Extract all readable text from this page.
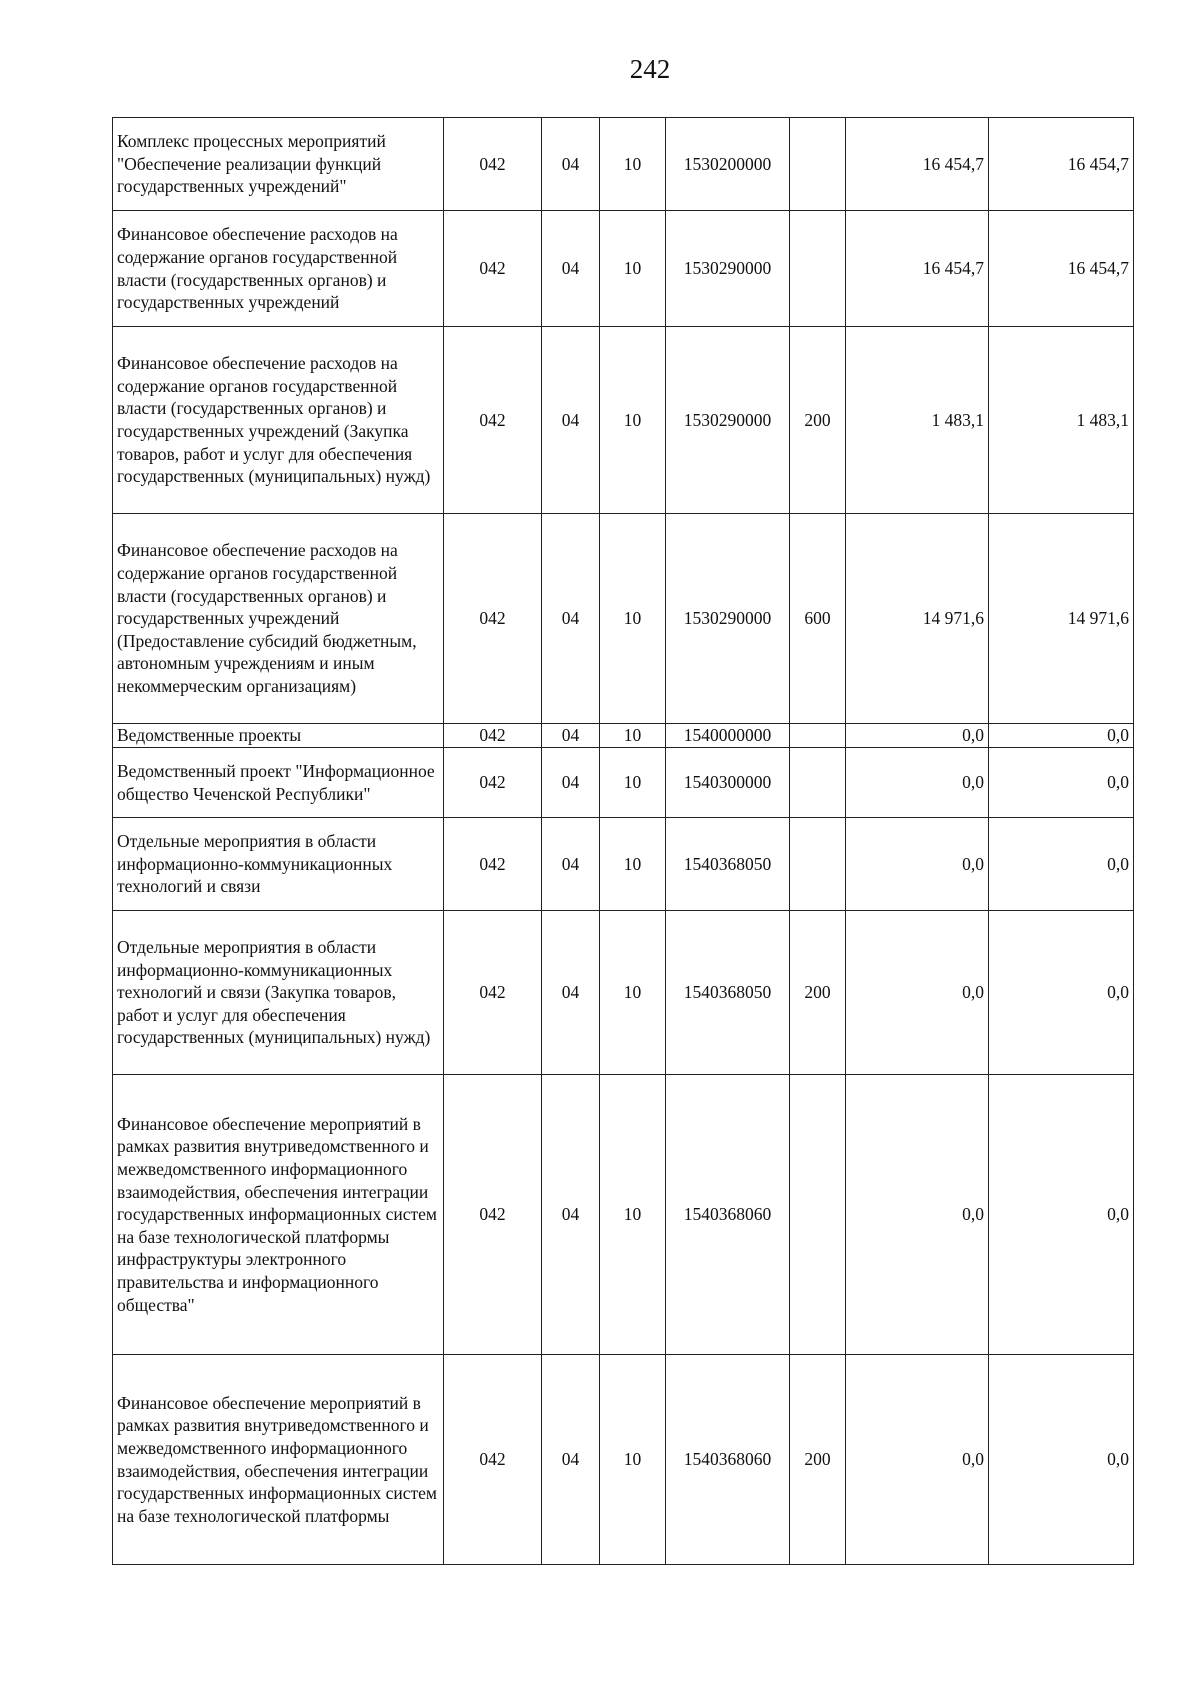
242
Комплекс процессных мероприятий "Обеспечение реализации функций государственных учреждений"	042	04	10	1530200000		16 454,7	16 454,7
Финансовое обеспечение расходов на содержание органов государственной власти (государственных органов) и государственных учреждений	042	04	10	1530290000		16 454,7	16 454,7
Финансовое обеспечение расходов на содержание органов государственной власти (государственных органов) и государственных учреждений (Закупка товаров, работ и услуг для обеспечения государственных (муниципальных) нужд)	042	04	10	1530290000	200	1 483,1	1 483,1
Финансовое обеспечение расходов на содержание органов государственной власти (государственных органов) и государственных учреждений (Предоставление субсидий бюджетным, автономным учреждениям и иным некоммерческим организациям)	042	04	10	1530290000	600	14 971,6	14 971,6
Ведомственные проекты	042	04	10	1540000000		0,0	0,0
Ведомственный проект "Информационное общество Чеченской Республики"	042	04	10	1540300000		0,0	0,0
Отдельные мероприятия в области информационно-коммуникационных технологий и связи	042	04	10	1540368050		0,0	0,0
Отдельные мероприятия в области информационно-коммуникационных технологий и связи (Закупка товаров, работ и услуг для обеспечения государственных (муниципальных) нужд)	042	04	10	1540368050	200	0,0	0,0
Финансовое обеспечение мероприятий в рамках развития внутриведомственного и межведомственного информационного взаимодействия, обеспечения интеграции государственных информационных систем на базе технологической платформы инфраструктуры электронного правительства и информационного общества"	042	04	10	1540368060		0,0	0,0
Финансовое обеспечение мероприятий в рамках развития внутриведомственного и межведомственного информационного взаимодействия, обеспечения интеграции государственных информационных систем на базе технологической платформы	042	04	10	1540368060	200	0,0	0,0
